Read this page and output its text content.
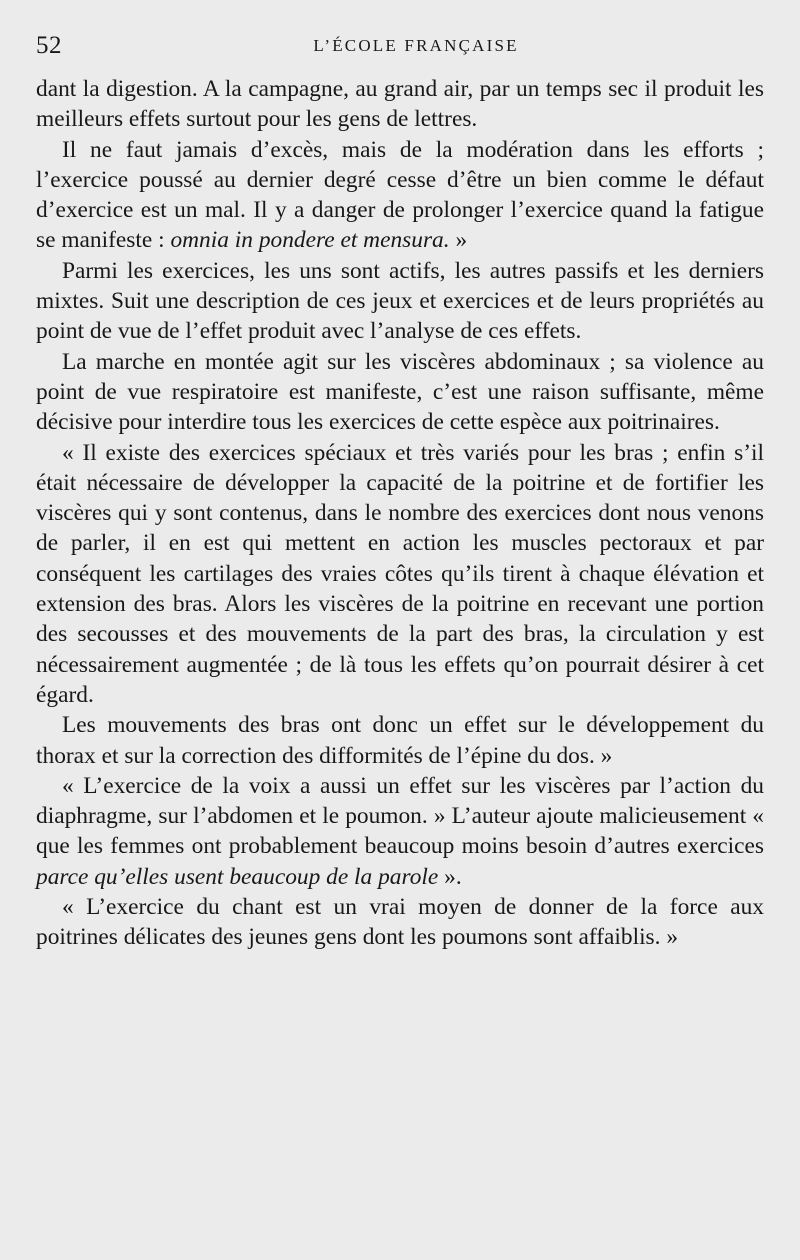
52	L’ÉCOLE FRANÇAISE

dant la digestion. A la campagne, au grand air, par un temps sec il produit les meilleurs effets surtout pour les gens de lettres.

Il ne faut jamais d’excès, mais de la modération dans les efforts ; l’exercice poussé au dernier degré cesse d’être un bien comme le défaut d’exercice est un mal. Il y a danger de prolonger l’exercice quand la fatigue se manifeste : omnia in pondere et mensura. »

Parmi les exercices, les uns sont actifs, les autres passifs et les derniers mixtes. Suit une description de ces jeux et exercices et de leurs propriétés au point de vue de l’effet produit avec l’analyse de ces effets.

La marche en montée agit sur les viscères abdominaux ; sa violence au point de vue respiratoire est manifeste, c’est une raison suffisante, même décisive pour interdire tous les exercices de cette espèce aux poitrinaires.

« Il existe des exercices spéciaux et très variés pour les bras ; enfin s’il était nécessaire de développer la capacité de la poitrine et de fortifier les viscères qui y sont contenus, dans le nombre des exercices dont nous venons de parler, il en est qui mettent en action les muscles pectoraux et par conséquent les cartilages des vraies côtes qu’ils tirent à chaque élévation et extension des bras. Alors les viscères de la poitrine en recevant une portion des secousses et des mouvements de la part des bras, la circulation y est nécessairement augmentée ; de là tous les effets qu’on pourrait désirer à cet égard.

Les mouvements des bras ont donc un effet sur le développement du thorax et sur la correction des difformités de l’épine du dos. »

« L’exercice de la voix a aussi un effet sur les viscères par l’action du diaphragme, sur l’abdomen et le poumon. » L’auteur ajoute malicieusement « que les femmes ont probablement beaucoup moins besoin d’autres exercices parce qu’elles usent beaucoup de la parole ».

« L’exercice du chant est un vrai moyen de donner de la force aux poitrines délicates des jeunes gens dont les poumons sont affaiblis. »
